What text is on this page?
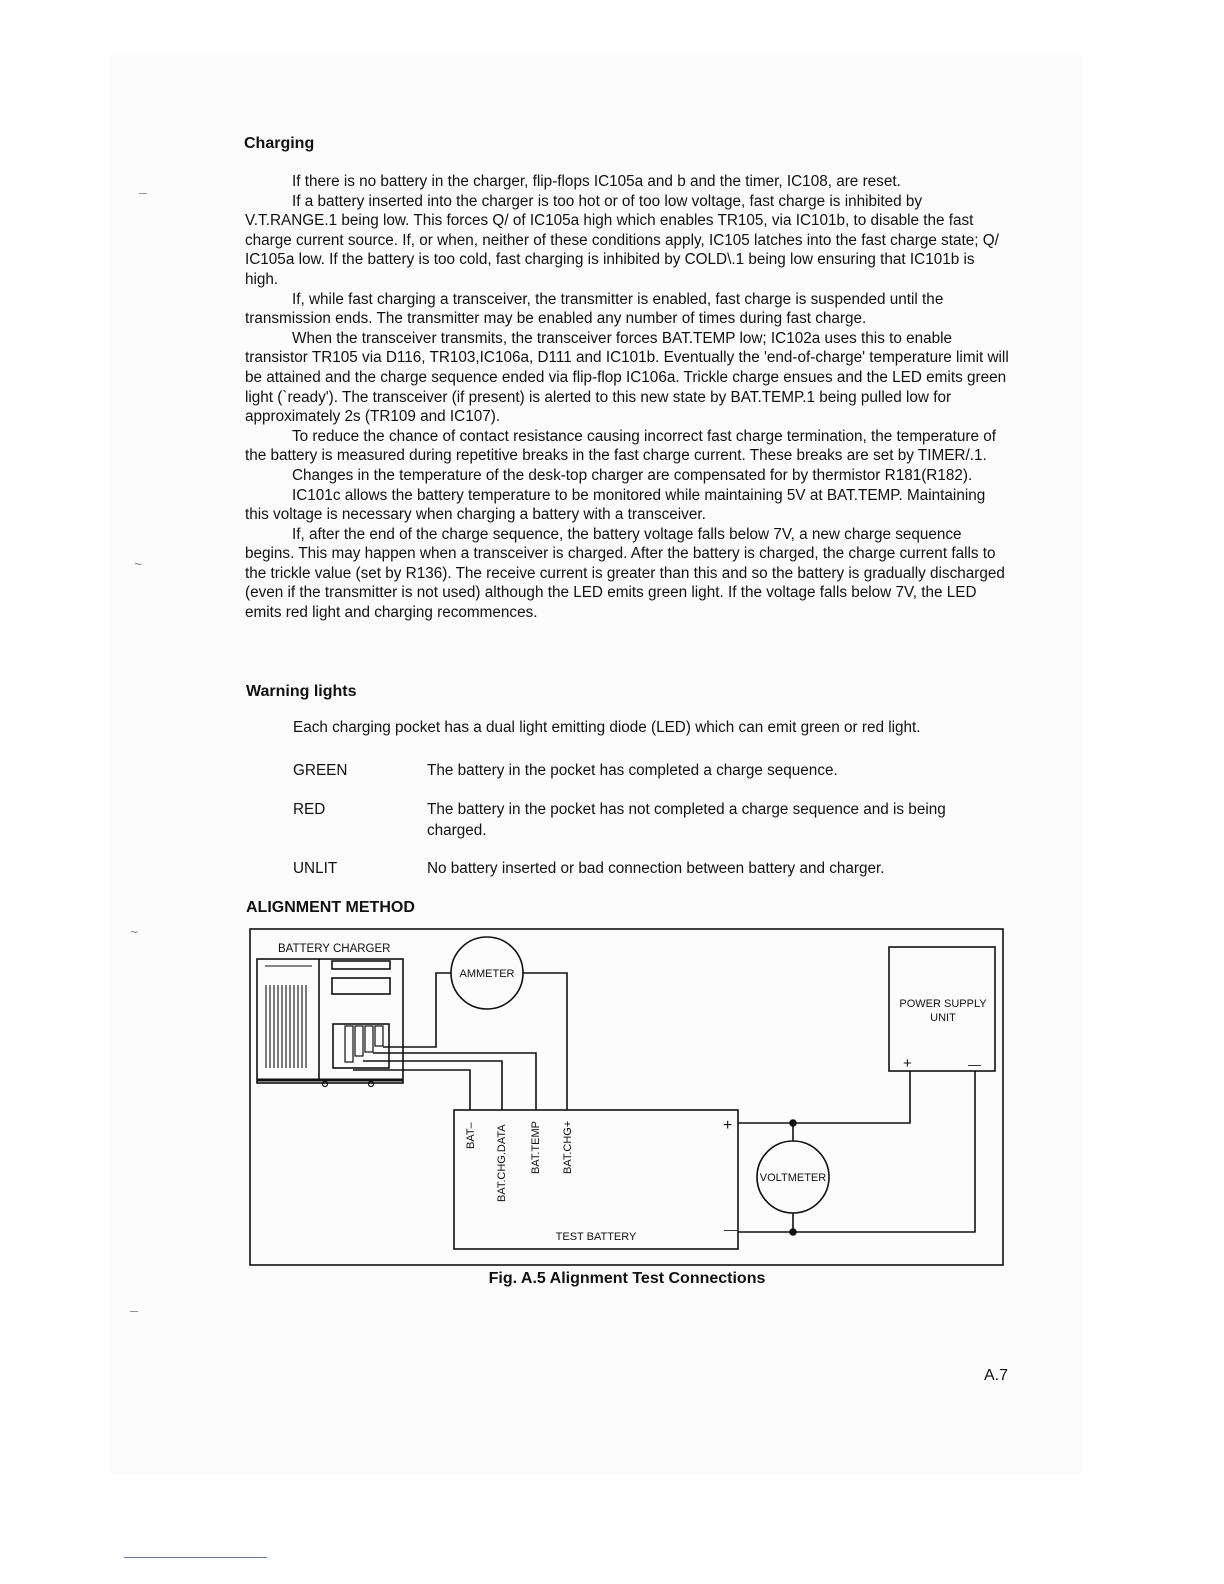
_
~
~
_
Charging

If there is no battery in the charger, flip-flops IC105a and b and the timer, IC108, are reset.

If a battery inserted into the charger is too hot or of too low voltage, fast charge is inhibited by V.T.RANGE.1 being low. This forces Q/ of IC105a high which enables TR105, via IC101b, to disable the fast charge current source. If, or when, neither of these conditions apply, IC105 latches into the fast charge state; Q/ IC105a low. If the battery is too cold, fast charging is inhibited by COLD\.1 being low ensuring that IC101b is high.

If, while fast charging a transceiver, the transmitter is enabled, fast charge is suspended until the transmission ends. The transmitter may be enabled any number of times during fast charge.

When the transceiver transmits, the transceiver forces BAT.TEMP low; IC102a uses this to enable transistor TR105 via D116, TR103,IC106a, D111 and IC101b. Eventually the 'end-of-charge' temperature limit will be attained and the charge sequence ended via flip-flop IC106a. Trickle charge ensues and the LED emits green light (`ready'). The transceiver (if present) is alerted to this new state by BAT.TEMP.1 being pulled low for approximately 2s (TR109 and IC107).

To reduce the chance of contact resistance causing incorrect fast charge termination, the temperature of the battery is measured during repetitive breaks in the fast charge current. These breaks are set by TIMER/.1.

Changes in the temperature of the desk-top charger are compensated for by thermistor R181(R182).

IC101c allows the battery temperature to be monitored while maintaining 5V at BAT.TEMP. Maintaining this voltage is necessary when charging a battery with a transceiver.

If, after the end of the charge sequence, the battery voltage falls below 7V, a new charge sequence begins. This may happen when a transceiver is charged. After the battery is charged, the charge current falls to the trickle value (set by R136). The receive current is greater than this and so the battery is gradually discharged (even if the transmitter is not used) although the LED emits green light. If the voltage falls below 7V, the LED emits red light and charging recommences.

Warning lights
Each charging pocket has a dual light emitting diode (LED) which can emit green or red light.
GREEN	The battery in the pocket has completed a charge sequence.
RED	The battery in the pocket has not completed a charge sequence and is being charged.
UNLIT	No battery inserted or bad connection between battery and charger.
ALIGNMENT METHOD
BATTERY CHARGER
AMMETER
TEST BATTERY
+
—
BAT– BAT.CHG.DATA BAT.TEMP BAT.CHG+
POWER SUPPLY
UNIT
+	—
VOLTMETER
Fig. A.5 Alignment Test Connections
A.7
